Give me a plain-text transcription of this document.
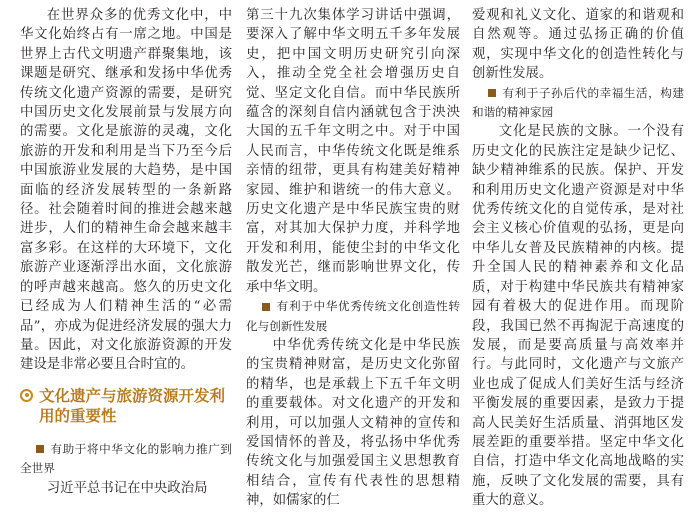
在世界众多的优秀文化中，中华文化始终占有一席之地。中国是世界上古代文明遗产群聚集地，该课题是研究、继承和发扬中华优秀传统文化遗产资源的需要，是研究中国历史文化发展前景与发展方向的需要。文化是旅游的灵魂，文化旅游的开发和利用是当下乃至今后中国旅游业发展的大趋势，是中国面临的经济发展转型的一条新路径。社会随着时间的推进会越来越进步，人们的精神生命会越来越丰富多彩。在这样的大环境下，文化旅游产业逐渐浮出水面，文化旅游的呼声越来越高。悠久的历史文化已经成为人们精神生活的“必需品”，亦成为促进经济发展的强大力量。因此，对文化旅游资源的开发建设是非常必要且合时宜的。

文化遗产与旅游资源开发利用的重要性

有助于将中华文化的影响力推广到全世界

习近平总书记在中央政治局

第三十九次集体学习讲话中强调，要深入了解中华文明五千多年发展史，把中国文明历史研究引向深入，推动全党全社会增强历史自觉、坚定文化自信。而中华民族所蕴含的深刻自信内涵就包含于泱泱大国的五千年文明之中。对于中国人民而言，中华传统文化既是维系亲情的纽带，更具有构建美好精神家园、维护和谐统一的伟大意义。历史文化遗产是中华民族宝贵的财富，对其加大保护力度，并科学地开发和利用，能使尘封的中华文化散发光芒，继而影响世界文化，传承中华文明。

有利于中华优秀传统文化创造性转化与创新性发展

中华优秀传统文化是中华民族的宝贵精神财富，是历史文化弥留的精华，也是承载上下五千年文明的重要载体。对文化遗产的开发和利用，可以加强人文精神的宣传和爱国情怀的普及，将弘扬中华优秀传统文化与加强爱国主义思想教育相结合，宣传有代表性的思想精神，如儒家的仁

爱观和礼义文化、道家的和谐观和自然观等。通过弘扬正确的价值观，实现中华文化的创造性转化与创新性发展。

有利于子孙后代的幸福生活，构建和谐的精神家园

文化是民族的文脉。一个没有历史文化的民族注定是缺少记忆、缺少精神维系的民族。保护、开发和利用历史文化遗产资源是对中华优秀传统文化的自觉传承，是对社会主义核心价值观的弘扬，更是向中华儿女普及民族精神的内核。提升全国人民的精神素养和文化品质，对于构建中华民族共有精神家园有着极大的促进作用。而现阶段，我国已然不再掏泥于高速度的发展，而是要高质量与高效率并行。与此同时，文化遗产与文旅产业也成了促成人们美好生活与经济平衡发展的重要因素，是致力于提高人民美好生活质量、消弭地区发展差距的重要举措。坚定中华文化自信，打造中华文化高地战略的实施，反映了文化发展的需要，具有重大的意义。
